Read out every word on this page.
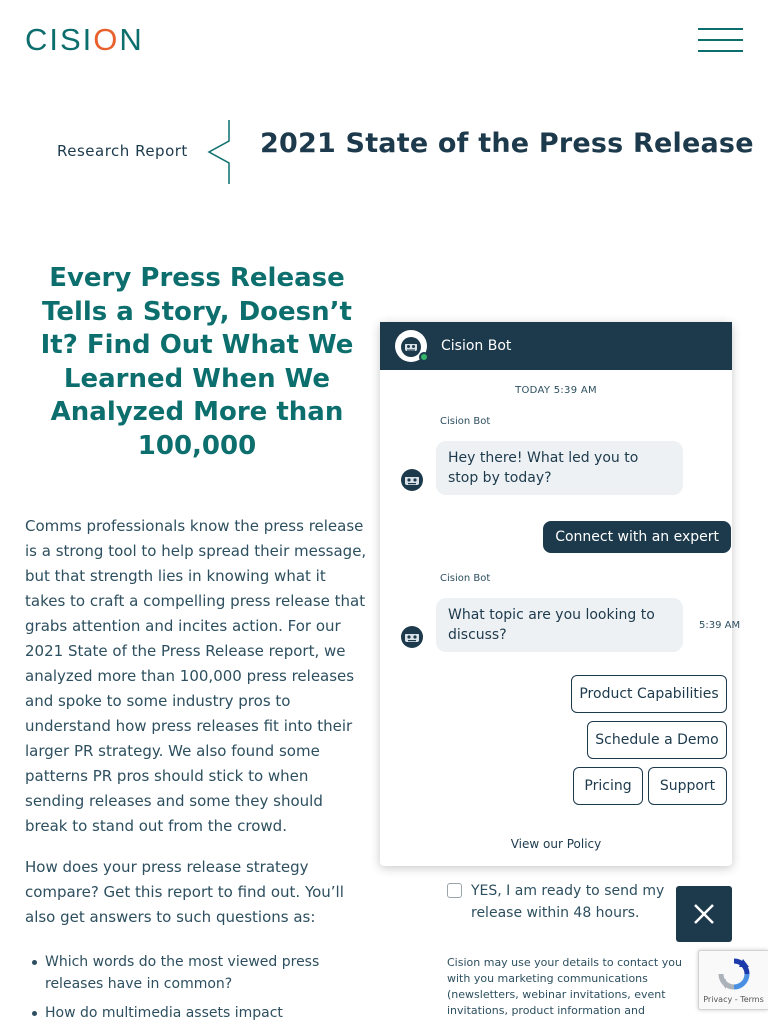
CISION
Research Report	2021 State of the Press Release
Every Press Release Tells a Story, Doesn’t It? Find Out What We Learned When We Analyzed More than 100,000

Comms professionals know the press release is a strong tool to help spread their message, but that strength lies in knowing what it takes to craft a compelling press release that grabs attention and incites action. For our 2021 State of the Press Release report, we analyzed more than 100,000 press releases and spoke to some industry pros to understand how press releases fit into their larger PR strategy. We also found some patterns PR pros should stick to when sending releases and some they should break to stand out from the crowd.

How does your press release strategy compare? Get this report to find out. You’ll also get answers to such questions as:

Which words do the most viewed press releases have in common?
How do multimedia assets impact
YES, I am ready to send my release within 48 hours.

Cision may use your details to contact you with you marketing communications (newsletters, webinar invitations, event invitations, product information and

Cision Bot
TODAY 5:39 AM
Cision Bot
Hey there! ⁠What led you to stop by today?
Connect with an expert
Cision Bot
What topic are you looking to discuss?
5:39 AM
Product Capabilities
Schedule a Demo
Pricing	Support
View our Policy
Privacy - Terms
